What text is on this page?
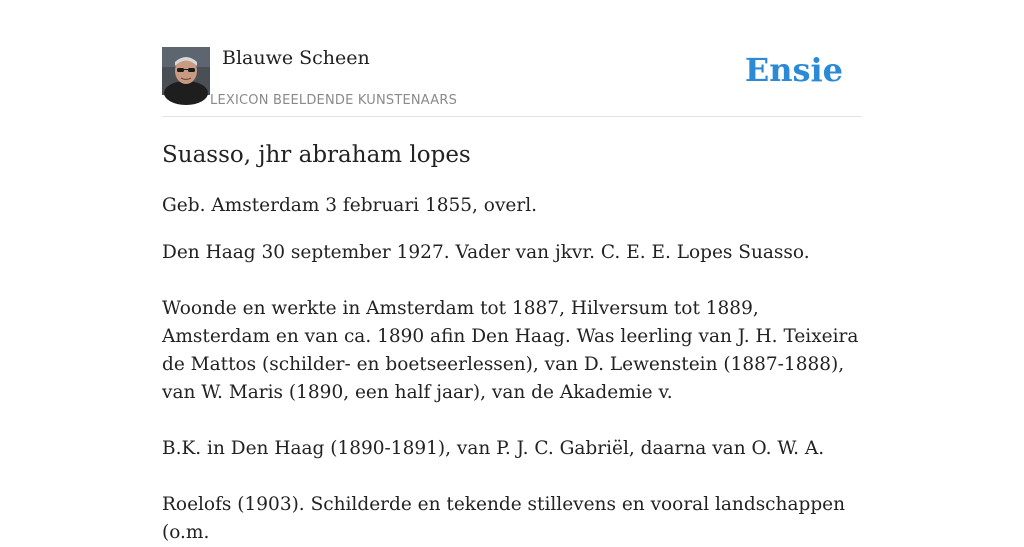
Blauwe Scheen
LEXICON BEELDENDE KUNSTENAARS
Ensie
Suasso, jhr abraham lopes

Geb. Amsterdam 3 februari 1855, overl.

Den Haag 30 september 1927. Vader van jkvr. C. E. E. Lopes Suasso.

Woonde en werkte in Amsterdam tot 1887, Hilversum tot 1889, Amsterdam en van ca. 1890 afin Den Haag. Was leerling van J. H. Teixeira de Mattos (schilder- en boetseerlessen), van D. Lewenstein (1887-1888), van W. Maris (1890, een half jaar), van de Akademie v.

B.K. in Den Haag (1890-1891), van P. J. C. Gabriël, daarna van O. W. A.

Roelofs (1903). Schilderde en tekende stillevens en vooral landschappen (o.m.
